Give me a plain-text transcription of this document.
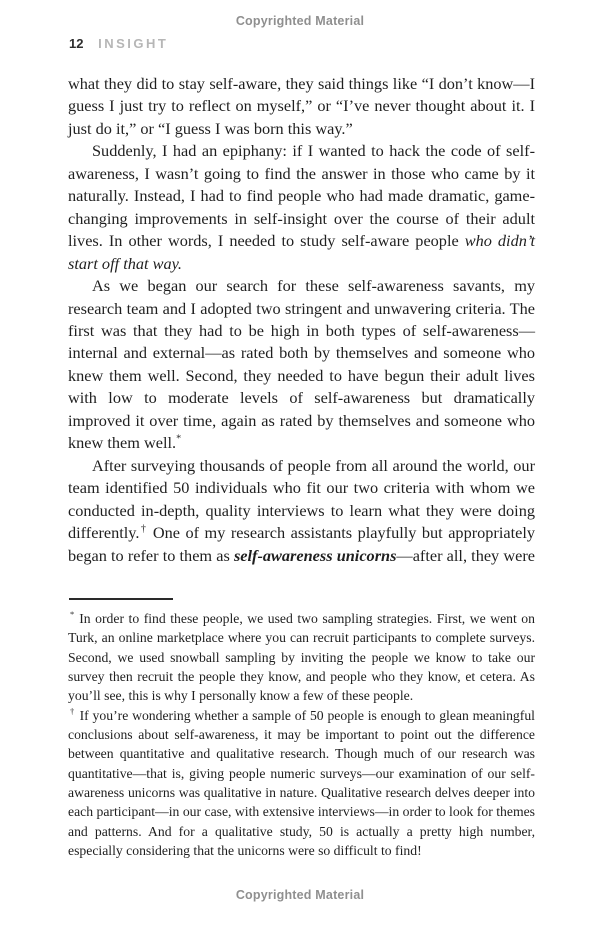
Copyrighted Material
12 INSIGHT

what they did to stay self-aware, they said things like “I don’t know—I guess I just try to reflect on myself,” or “I’ve never thought about it. I just do it,” or “I guess I was born this way.”

Suddenly, I had an epiphany: if I wanted to hack the code of self-awareness, I wasn’t going to find the answer in those who came by it naturally. Instead, I had to find people who had made dramatic, game-changing improvements in self-insight over the course of their adult lives. In other words, I needed to study self-aware people who didn’t start off that way.

As we began our search for these self-awareness savants, my research team and I adopted two stringent and unwavering criteria. The first was that they had to be high in both types of self-awareness—internal and external—as rated both by themselves and someone who knew them well. Second, they needed to have begun their adult lives with low to moderate levels of self-awareness but dramatically improved it over time, again as rated by themselves and someone who knew them well.*

After surveying thousands of people from all around the world, our team identified 50 individuals who fit our two criteria with whom we conducted in-depth, quality interviews to learn what they were doing differently.† One of my research assistants playfully but appropriately began to refer to them as self-awareness unicorns—after all, they were

* In order to find these people, we used two sampling strategies. First, we went on Turk, an online marketplace where you can recruit participants to complete surveys. Second, we used snowball sampling by inviting the people we know to take our survey then recruit the people they know, and people who they know, et cetera. As you’ll see, this is why I personally know a few of these people.

† If you’re wondering whether a sample of 50 people is enough to glean meaningful conclusions about self-awareness, it may be important to point out the difference between quantitative and qualitative research. Though much of our research was quantitative—that is, giving people numeric surveys—our examination of our self-awareness unicorns was qualitative in nature. Qualitative research delves deeper into each participant—in our case, with extensive interviews—in order to look for themes and patterns. And for a qualitative study, 50 is actually a pretty high number, especially considering that the unicorns were so difficult to find!

Copyrighted Material
